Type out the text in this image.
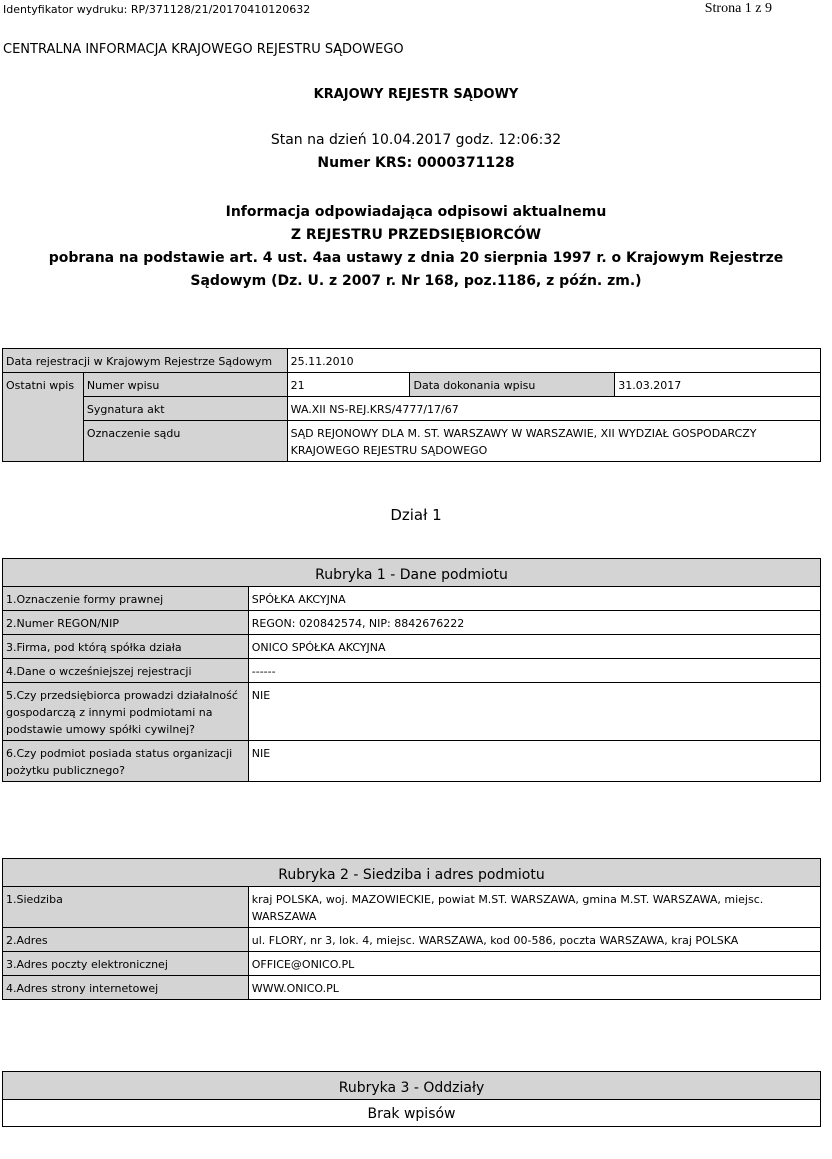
Identyfikator wydruku: RP/371128/21/20170410120632	Strona 1 z 9
CENTRALNA INFORMACJA KRAJOWEGO REJESTRU SĄDOWEGO
KRAJOWY REJESTR SĄDOWY
Stan na dzień 10.04.2017 godz. 12:06:32
Numer KRS: 0000371128
Informacja odpowiadająca odpisowi aktualnemu
Z REJESTRU PRZEDSIĘBIORCÓW
pobrana na podstawie art. 4 ust. 4aa ustawy z dnia 20 sierpnia 1997 r. o Krajowym Rejestrze
Sądowym (Dz. U. z 2007 r. Nr 168, poz.1186, z późn. zm.)
Data rejestracji w Krajowym Rejestrze Sądowym		25.11.2010		
Ostatni wpis	Numer wpisu	21	Data dokonania wpisu	31.03.2017
	Sygnatura akt	WA.XII NS-REJ.KRS/4777/17/67		
	Oznaczenie sądu	SĄD REJONOWY DLA M. ST. WARSZAWY W WARSZAWIE, XII WYDZIAŁ GOSPODARCZY
KRAJOWEGO REJESTRU SĄDOWEGO		
Dział 1
Rubryka 1 - Dane podmiotu	

1.Oznaczenie formy prawnej	SPÓŁKA AKCYJNA

2.Numer REGON/NIP	REGON: 020842574, NIP: 8842676222

3.Firma, pod którą spółka działa	ONICO SPÓŁKA AKCYJNA

4.Dane o wcześniejszej rejestracji	------

5.Czy przedsiębiorca prowadzi działalność
gospodarczą z innymi podmiotami na
podstawie umowy spółki cywilnej?	NIE

6.Czy podmiot posiada status organizacji
pożytku publicznego?	NIE
Rubryka 2 - Siedziba i adres podmiotu	

1.Siedziba	kraj POLSKA, woj. MAZOWIECKIE, powiat M.ST. WARSZAWA, gmina M.ST. WARSZAWA, miejsc.
WARSZAWA

2.Adres	ul. FLORY, nr 3, lok. 4, miejsc. WARSZAWA, kod 00-586, poczta WARSZAWA, kraj POLSKA

3.Adres poczty elektronicznej	OFFICE@ONICO.PL

4.Adres strony internetowej	WWW.ONICO.PL
Rubryka 3 - Oddziały
Brak wpisów
